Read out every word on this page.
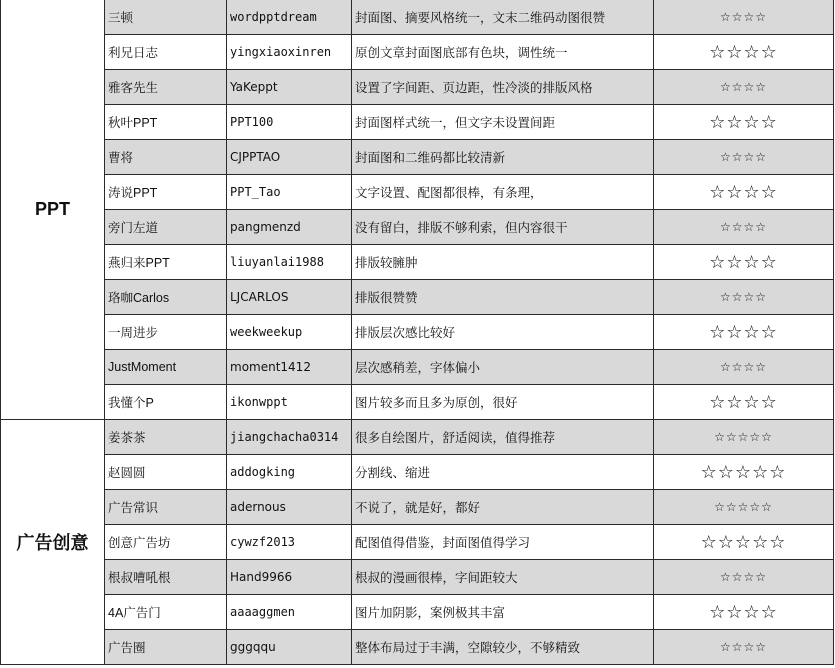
PPT	三顿	wordpptdream	封面图、摘要风格统一，文末二维码动图很赞	☆☆☆☆
	利兄日志	yingxiaoxinren	原创文章封面图底部有色块，调性统一	☆☆☆☆
	雅客先生	YaKeppt	设置了字间距、页边距，性冷淡的排版风格	☆☆☆☆
	秋叶PPT	PPT100	封面图样式统一，但文字未设置间距	☆☆☆☆
	曹将	CJPPTAO	封面图和二维码都比较清新	☆☆☆☆
	涛说PPT	PPT_Tao	文字设置、配图都很棒，有条理，	☆☆☆☆
	旁门左道	pangmenzd	没有留白，排版不够利索，但内容很干	☆☆☆☆
	燕归来PPT	liuyanlai1988	排版较臃肿	☆☆☆☆
	珞咖Carlos	LJCARLOS	排版很赞赞	☆☆☆☆
	一周进步	weekweekup	排版层次感比较好	☆☆☆☆
	JustMoment	moment1412	层次感稍差，字体偏小	☆☆☆☆
	我懂个P	ikonwppt	图片较多而且多为原创，很好	☆☆☆☆
广告创意	姜茶茶	jiangchacha0314	很多自绘图片，舒适阅读，值得推荐	☆☆☆☆☆
	赵圆圆	addogking	分割线、缩进	☆☆☆☆☆
	广告常识	adernous	不说了，就是好，都好	☆☆☆☆☆
	创意广告坊	cywzf2013	配图值得借鉴，封面图值得学习	☆☆☆☆☆
	根叔嘈吼根	Hand9966	根叔的漫画很棒，字间距较大	☆☆☆☆
	4A广告门	aaaaggmen	图片加阴影，案例极其丰富	☆☆☆☆
	广告圈	gggqqu	整体布局过于丰满，空隙较少，不够精致	☆☆☆☆
